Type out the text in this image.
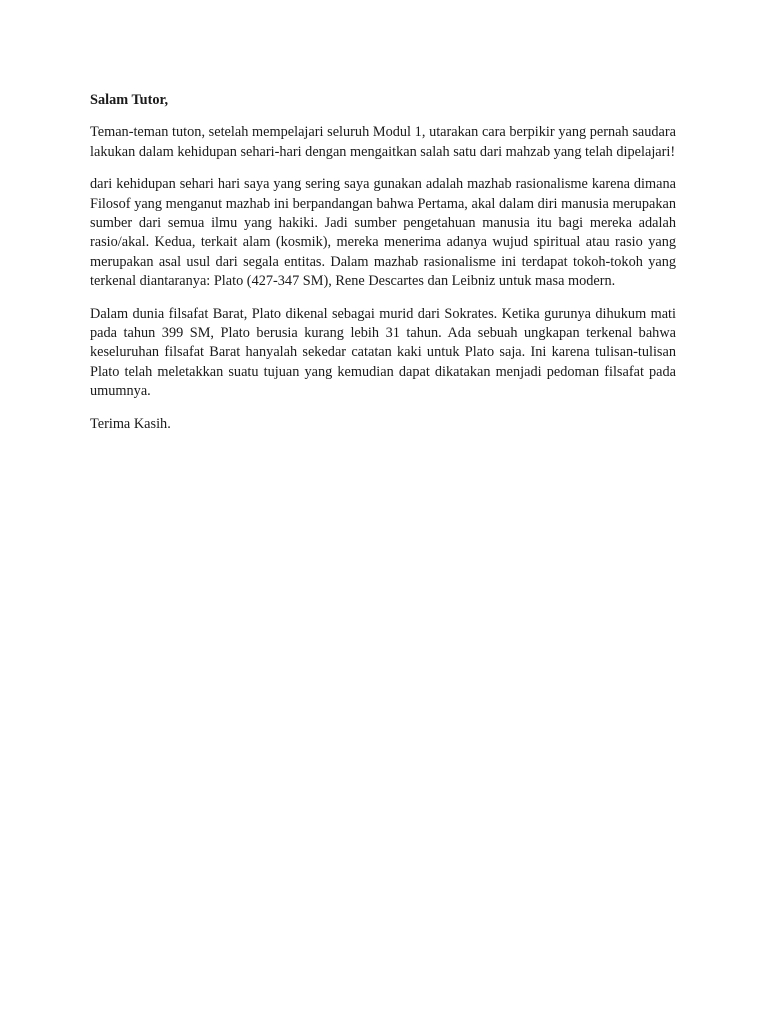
Salam Tutor,

Teman-teman tuton, setelah mempelajari seluruh Modul 1, utarakan cara berpikir yang pernah saudara lakukan dalam kehidupan sehari-hari dengan mengaitkan salah satu dari mahzab yang telah dipelajari!

dari kehidupan sehari hari saya yang sering saya gunakan adalah mazhab rasionalisme karena dimana Filosof yang menganut mazhab ini berpandangan bahwa Pertama, akal dalam diri manusia merupakan sumber dari semua ilmu yang hakiki. Jadi sumber pengetahuan manusia itu bagi mereka adalah rasio/akal. Kedua, terkait alam (kosmik), mereka menerima adanya wujud spiritual atau rasio yang merupakan asal usul dari segala entitas. Dalam mazhab rasionalisme ini terdapat tokoh-tokoh yang terkenal diantaranya: Plato (427-347 SM), Rene Descartes dan Leibniz untuk masa modern.

Dalam dunia filsafat Barat, Plato dikenal sebagai murid dari Sokrates. Ketika gurunya dihukum mati pada tahun 399 SM, Plato berusia kurang lebih 31 tahun. Ada sebuah ungkapan terkenal bahwa keseluruhan filsafat Barat hanyalah sekedar catatan kaki untuk Plato saja. Ini karena tulisan-tulisan Plato telah meletakkan suatu tujuan yang kemudian dapat dikatakan menjadi pedoman filsafat pada umumnya.

Terima Kasih.
